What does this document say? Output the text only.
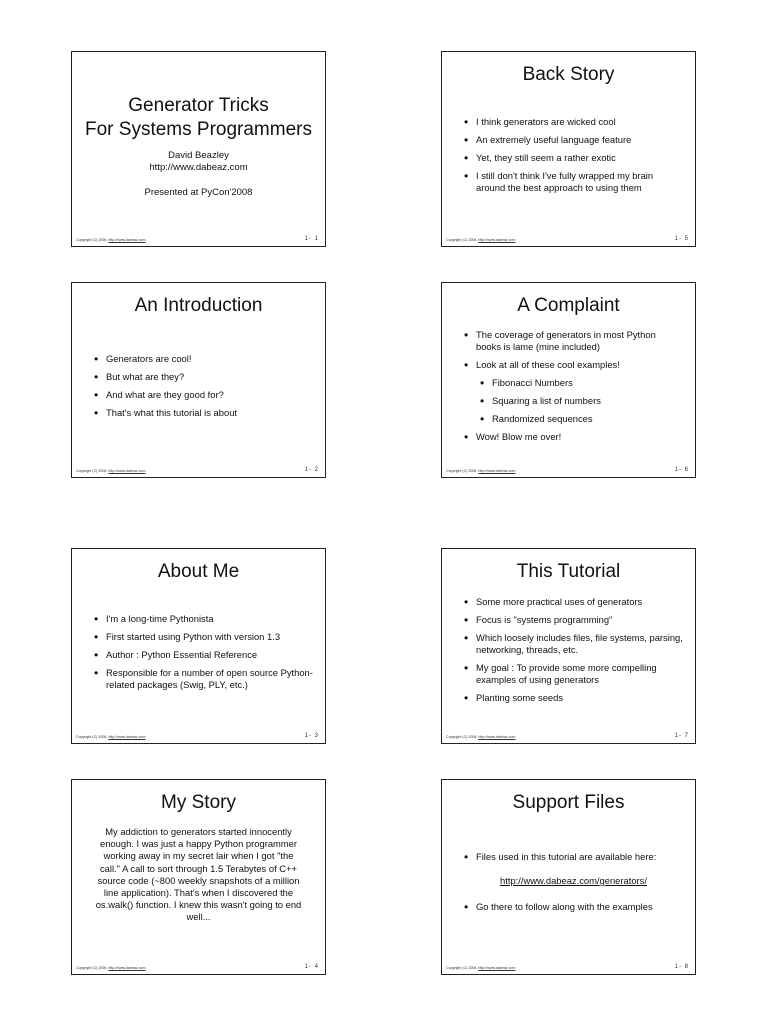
Generator Tricks
For Systems Programmers
David Beazley
http://www.dabeaz.com
Presented at PyCon'2008
Copyright (C) 2008, http://www.dabeaz.com	1- 1
An Introduction
• Generators are cool!
• But what are they?
• And what are they good for?
• That's what this tutorial is about
Copyright (C) 2008, http://www.dabeaz.com	1- 2
About Me
• I'm a long-time Pythonista
• First started using Python with version 1.3
• Author : Python Essential Reference
• Responsible for a number of open source Python-related packages (Swig, PLY, etc.)
Copyright (C) 2008, http://www.dabeaz.com	1- 3
My Story
My addiction to generators started innocently enough. I was just a happy Python programmer working away in my secret lair when I got "the call." A call to sort through 1.5 Terabytes of C++ source code (~800 weekly snapshots of a million line application). That's when I discovered the os.walk() function. I knew this wasn't going to end well...
Copyright (C) 2008, http://www.dabeaz.com	1- 4
Back Story
• I think generators are wicked cool
• An extremely useful language feature
• Yet, they still seem a rather exotic
• I still don't think I've fully wrapped my brain around the best approach to using them
Copyright (C) 2008, http://www.dabeaz.com	1- 5
A Complaint
• The coverage of generators in most Python books is lame (mine included)
• Look at all of these cool examples!
• Fibonacci Numbers
• Squaring a list of numbers
• Randomized sequences
• Wow! Blow me over!
Copyright (C) 2008, http://www.dabeaz.com	1- 6
This Tutorial
• Some more practical uses of generators
• Focus is "systems programming"
• Which loosely includes files, file systems, parsing, networking, threads, etc.
• My goal : To provide some more compelling examples of using generators
• Planting some seeds
Copyright (C) 2008, http://www.dabeaz.com	1- 7
Support Files
• Files used in this tutorial are available here:
http://www.dabeaz.com/generators/
• Go there to follow along with the examples
Copyright (C) 2008, http://www.dabeaz.com	1- 8
